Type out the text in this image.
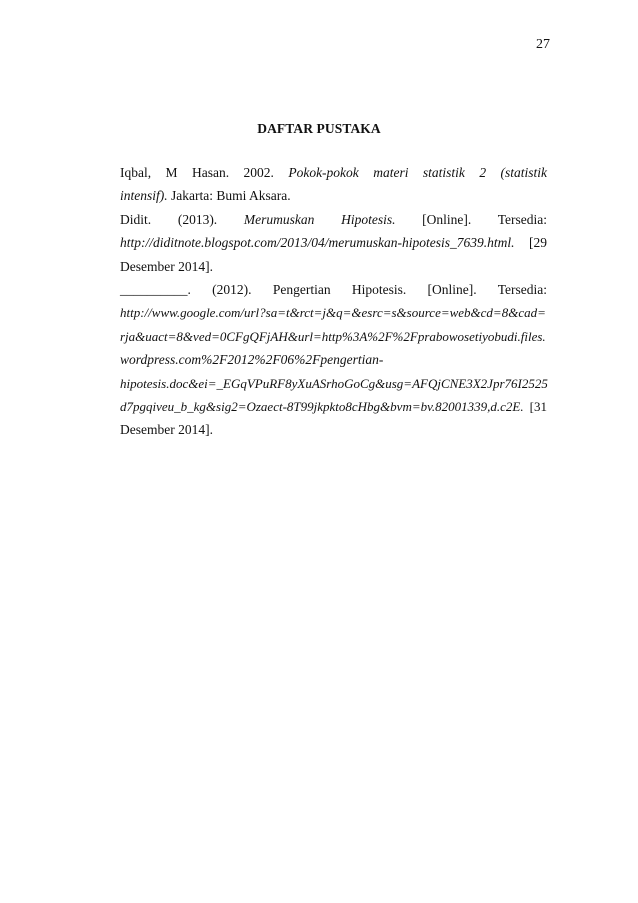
27
DAFTAR PUSTAKA
Iqbal, M Hasan. 2002. Pokok-pokok materi statistik 2 (statistik
intensif). Jakarta: Bumi Aksara.
Didit. (2013). Merumuskan Hipotesis. [Online]. Tersedia:
http://diditnote.blogspot.com/2013/04/merumuskan-hipotesis_7639.html. [29
Desember 2014].
__________. (2012). Pengertian Hipotesis. [Online]. Tersedia:
http://www.google.com/url?sa=t&rct=j&q=&esrc=s&source=web&cd=8&cad=
rja&uact=8&ved=0CFgQFjAH&url=http%3A%2F%2Fprabowosetiyobudi.files.
wordpress.com%2F2012%2F06%2Fpengertian-
hipotesis.doc&ei=_EGqVPuRF8yXuASrhoGoCg&usg=AFQjCNE3X2Jpr76I2525
d7pgqiveu_b_kg&sig2=Ozaect-8T99jkpkto8cHbg&bvm=bv.82001339,d.c2E. [31
Desember 2014].
